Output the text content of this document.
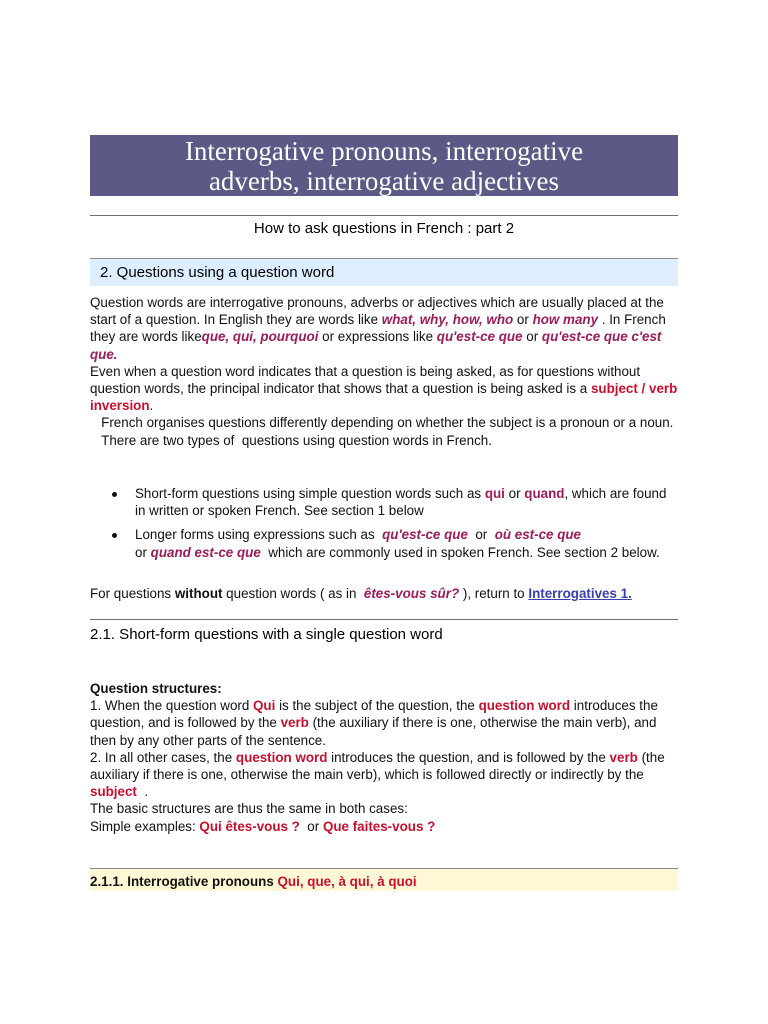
Interrogative pronouns, interrogative
adverbs, interrogative adjectives
How to ask questions in French : part 2
2. Questions using a question word
Question words are interrogative pronouns, adverbs or adjectives which are usually placed at the start of a question. In English they are words like what, why, how, who or how many . In French they are words likeque, qui, pourquoi or expressions like qu'est-ce que or qu'est-ce que c'est que.
Even when a question word indicates that a question is being asked, as for questions without question words, the principal indicator that shows that a question is being asked is a subject / verb inversion.
French organises questions differently depending on whether the subject is a pronoun or a noun.
There are two types of  questions using question words in French.
Short-form questions using simple question words such as qui or quand, which are found in written or spoken French. See section 1 below
Longer forms using expressions such as  qu'est-ce que  or  où est-ce que
or quand est-ce que  which are commonly used in spoken French. See section 2 below.
For questions without question words ( as in  êtes-vous sûr? ), return to Interrogatives 1.
2.1. Short-form questions with a single question word
Question structures:
1. When the question word Qui is the subject of the question, the question word introduces the question, and is followed by the verb (the auxiliary if there is one, otherwise the main verb), and then by any other parts of the sentence.
2. In all other cases, the question word introduces the question, and is followed by the verb (the auxiliary if there is one, otherwise the main verb), which is followed directly or indirectly by the subject  .
The basic structures are thus the same in both cases:
Simple examples: Qui êtes-vous ?  or Que faites-vous ?
2.1.1. Interrogative pronouns Qui, que, à qui, à quoi
